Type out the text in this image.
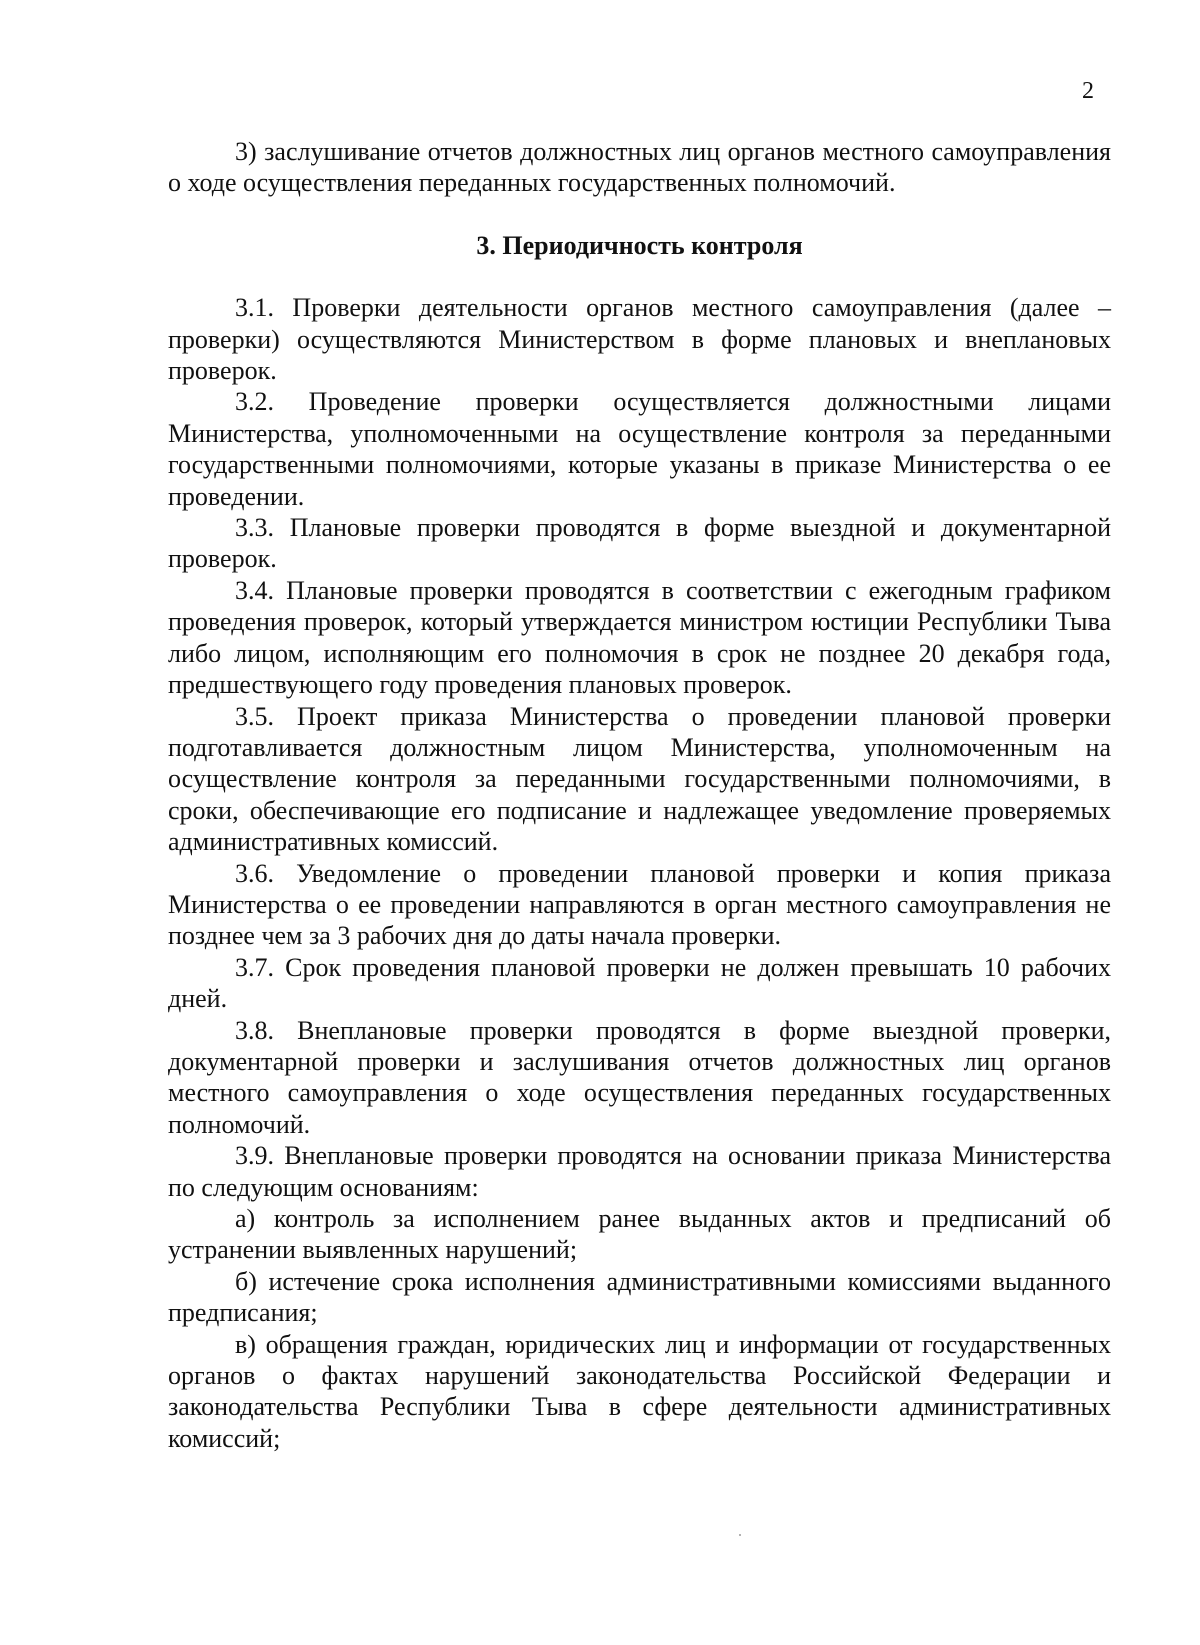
2

3) заслушивание отчетов должностных лиц органов местного самоуправления о ходе осуществления переданных государственных полномочий.

3. Периодичность контроля

3.1. Проверки деятельности органов местного самоуправления (далее – проверки) осуществляются Министерством в форме плановых и внеплановых проверок.

3.2. Проведение проверки осуществляется должностными лицами Министерства, уполномоченными на осуществление контроля за переданными государственными полномочиями, которые указаны в приказе Министерства о ее проведении.

3.3. Плановые проверки проводятся в форме выездной и документарной проверок.

3.4. Плановые проверки проводятся в соответствии с ежегодным графиком проведения проверок, который утверждается министром юстиции Республики Тыва либо лицом, исполняющим его полномочия в срок не позднее 20 декабря года, предшествующего году проведения плановых проверок.

3.5. Проект приказа Министерства о проведении плановой проверки подготавливается должностным лицом Министерства, уполномоченным на осуществление контроля за переданными государственными полномочиями, в сроки, обеспечивающие его подписание и надлежащее уведомление проверяемых административных комиссий.

3.6. Уведомление о проведении плановой проверки и копия приказа Министерства о ее проведении направляются в орган местного самоуправления не позднее чем за 3 рабочих дня до даты начала проверки.

3.7. Срок проведения плановой проверки не должен превышать 10 рабочих дней.

3.8. Внеплановые проверки проводятся в форме выездной проверки, документарной проверки и заслушивания отчетов должностных лиц органов местного самоуправления о ходе осуществления переданных государственных полномочий.

3.9. Внеплановые проверки проводятся на основании приказа Министерства по следующим основаниям:

а) контроль за исполнением ранее выданных актов и предписаний об устранении выявленных нарушений;

б) истечение срока исполнения административными комиссиями выданного предписания;

в) обращения граждан, юридических лиц и информации от государственных органов о фактах нарушений законодательства Российской Федерации и законодательства Республики Тыва в сфере деятельности административных комиссий;
